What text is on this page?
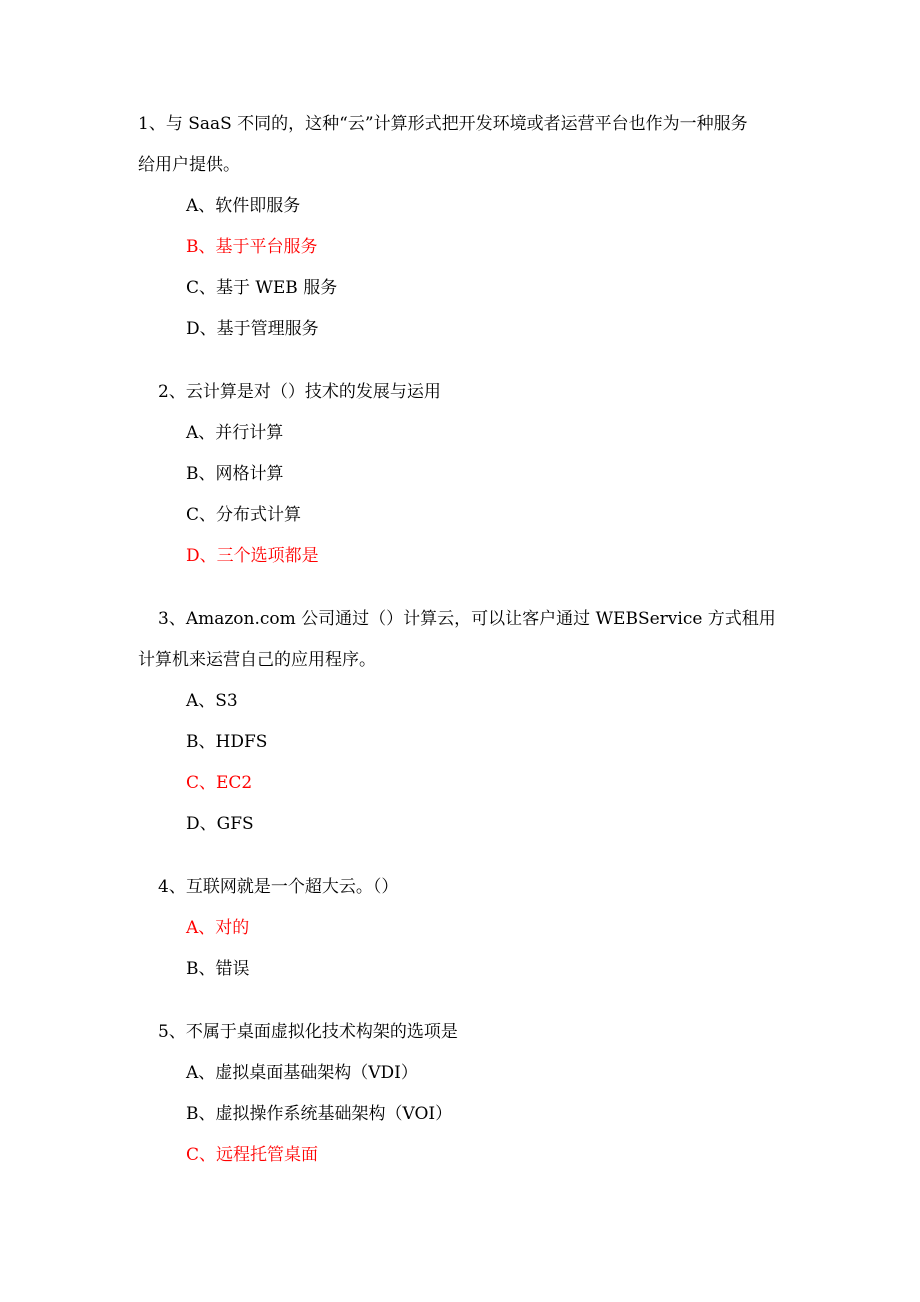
1、与 SaaS 不同的，这种“云”计算形式把开发环境或者运营平台也作为一种服务
给用户提供。
A、软件即服务
B、基于平台服务
C、基于 WEB 服务
D、基于管理服务
2、云计算是对（）技术的发展与运用
A、并行计算
B、网格计算
C、分布式计算
D、三个选项都是
3、Amazon.com 公司通过（）计算云，可以让客户通过 WEBService 方式租用
计算机来运营自己的应用程序。
A、S3
B、HDFS
C、EC2
D、GFS
4、互联网就是一个超大云。（）
A、对的
B、错误
5、不属于桌面虚拟化技术构架的选项是
A、虚拟桌面基础架构（VDI）
B、虚拟操作系统基础架构（VOI）
C、远程托管桌面
